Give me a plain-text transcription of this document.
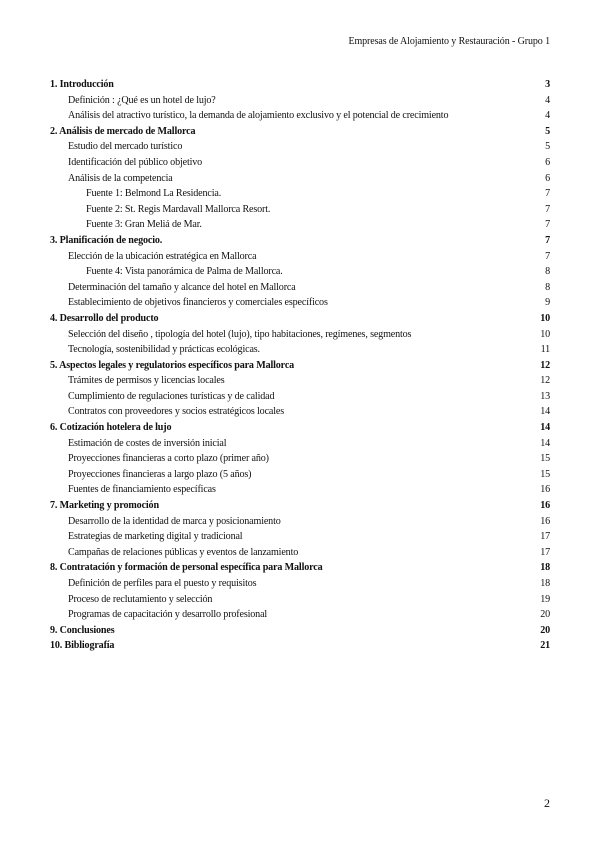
Empresas de Alojamiento y Restauración - Grupo 1
1. Introducción	3
Definición : ¿Qué es un hotel de lujo?	4
Análisis del atractivo turístico, la demanda de alojamiento exclusivo y el potencial de crecimiento	4
2. Análisis de mercado de Mallorca	5
Estudio del mercado turístico	5
Identificación del público objetivo	6
Análisis de la competencia	6
Fuente 1: Belmond La Residencia.	7
Fuente 2: St. Regis Mardavall Mallorca Resort.	7
Fuente 3: Gran Meliá de Mar.	7
3. Planificación de negocio.	7
Elección de la ubicación estratégica en Mallorca	7
Fuente 4: Vista panorámica de Palma de Mallorca.	8
Determinación del tamaño y alcance del hotel en Mallorca	8
Establecimiento de objetivos financieros y comerciales específicos	9
4. Desarrollo del producto	10
Selección del diseño , tipología del hotel (lujo), tipo habitaciones, regímenes, segmentos	10
Tecnología, sostenibilidad y prácticas ecológicas.	11
5. Aspectos legales y regulatorios específicos para Mallorca	12
Trámites de permisos y licencias locales	12
Cumplimiento de regulaciones turísticas y de calidad	13
Contratos con proveedores y socios estratégicos locales	14
6. Cotización hotelera de lujo	14
Estimación de costes de inversión inicial	14
Proyecciones financieras a corto plazo (primer año)	15
Proyecciones financieras a largo plazo (5 años)	15
Fuentes de financiamiento específicas	16
7. Marketing y promoción	16
Desarrollo de la identidad de marca y posicionamiento	16
Estrategias de marketing digital y tradicional	17
Campañas de relaciones públicas y eventos de lanzamiento	17
8. Contratación y formación de personal específica para Mallorca	18
Definición de perfiles para el puesto y requisitos	18
Proceso de reclutamiento y selección	19
Programas de capacitación y desarrollo profesional	20
9. Conclusiones	20
10. Bibliografía	21
2
